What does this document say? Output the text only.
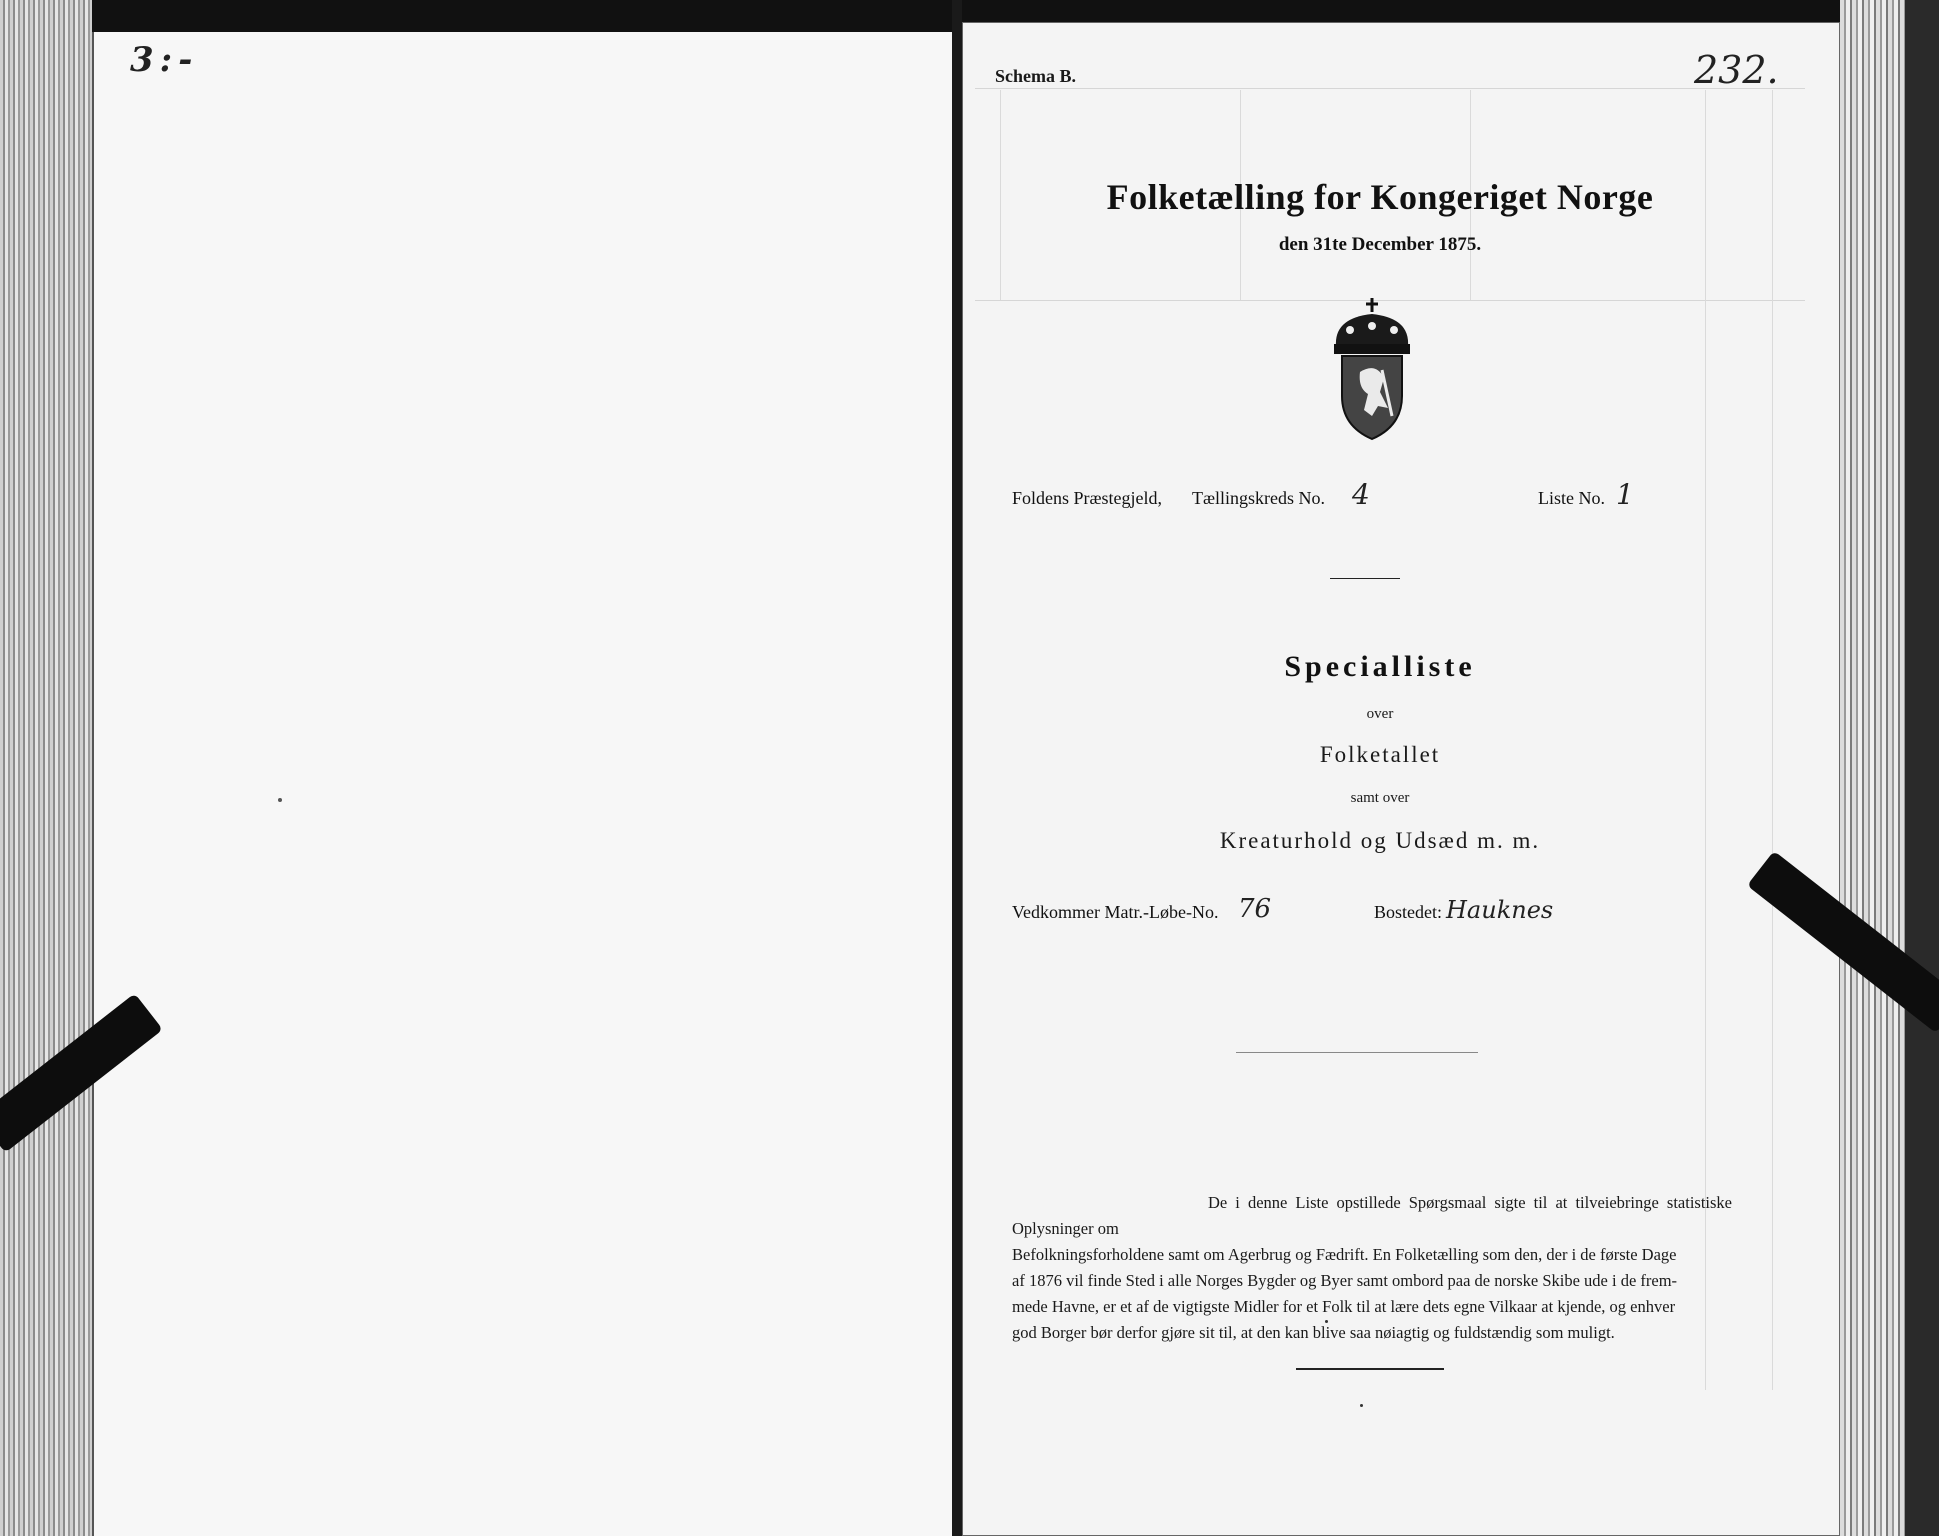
3:-	Schema B.	232.
Folketælling for Kongeriget Norge
den 31te December 1875.
Foldens Præstegjeld, Tællingskreds No. 4	Liste No. 1
Specialliste
over
Folketallet
samt over
Kreaturhold og Udsæd m. m.
Vedkommer Matr.-Løbe-No. 76	Bostedet: Hauknes
De i denne Liste opstillede Spørgsmaal sigte til at tilveiebringe statistiske Oplysninger om
Befolkningsforholdene samt om Agerbrug og Fædrift. En Folketælling som den, der i de første Dage
af 1876 vil finde Sted i alle Norges Bygder og Byer samt ombord paa de norske Skibe ude i de frem-
mede Havne, er et af de vigtigste Midler for et Folk til at lære dets egne Vilkaar at kjende, og enhver
god Borger bør derfor gjøre sit til, at den kan blive saa nøiagtig og fuldstændig som muligt.
